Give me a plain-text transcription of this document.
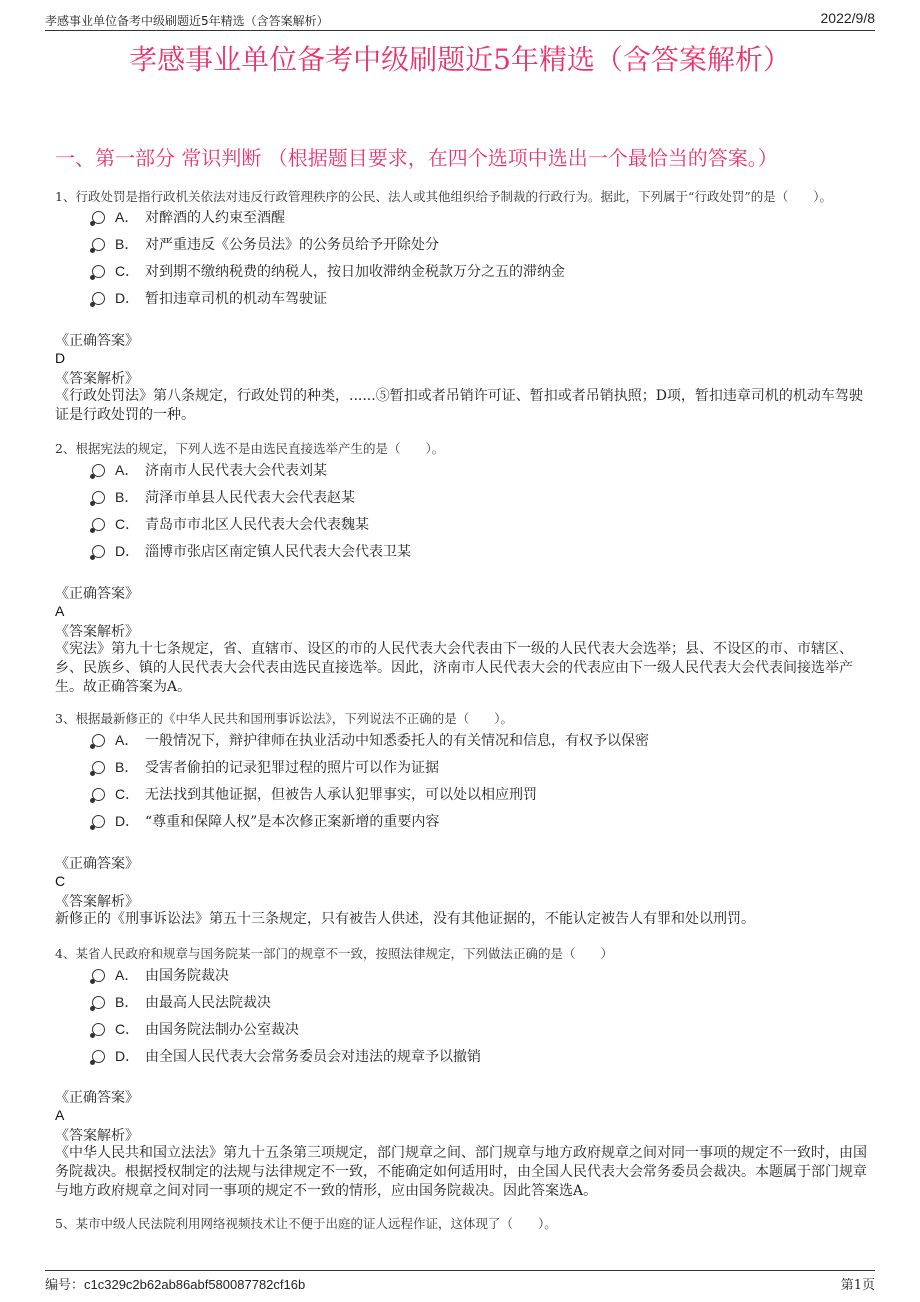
孝感事业单位备考中级刷题近5年精选（含答案解析）	2022/9/8
孝感事业单位备考中级刷题近5年精选（含答案解析）
一、第一部分 常识判断 （根据题目要求，在四个选项中选出一个最恰当的答案。）
1、行政处罚是指行政机关依法对违反行政管理秩序的公民、法人或其他组织给予制裁的行政行为。据此，下列属于“行政处罚”的是（　　）。
A． 对醉酒的人约束至酒醒
B． 对严重违反《公务员法》的公务员给予开除处分
C． 对到期不缴纳税费的纳税人，按日加收滞纳金税款万分之五的滞纳金
D． 暂扣违章司机的机动车驾驶证
《正确答案》
D
《答案解析》
《行政处罚法》第八条规定，行政处罚的种类，......⑤暂扣或者吊销许可证、暂扣或者吊销执照；D项，暂扣违章司机的机动车驾驶证是行政处罚的一种。
2、根据宪法的规定，下列人选不是由选民直接选举产生的是（　　）。
A． 济南市人民代表大会代表刘某
B． 菏泽市单县人民代表大会代表赵某
C． 青岛市市北区人民代表大会代表魏某
D． 淄博市张店区南定镇人民代表大会代表卫某
《正确答案》
A
《答案解析》
《宪法》第九十七条规定，省、直辖市、设区的市的人民代表大会代表由下一级的人民代表大会选举；县、不设区的市、市辖区、乡、民族乡、镇的人民代表大会代表由选民直接选举。因此，济南市人民代表大会的代表应由下一级人民代表大会代表间接选举产生。故正确答案为A。
3、根据最新修正的《中华人民共和国刑事诉讼法》，下列说法不正确的是（　　）。
A． 一般情况下，辩护律师在执业活动中知悉委托人的有关情况和信息，有权予以保密
B． 受害者偷拍的记录犯罪过程的照片可以作为证据
C． 无法找到其他证据，但被告人承认犯罪事实，可以处以相应刑罚
D． “尊重和保障人权”是本次修正案新增的重要内容
《正确答案》
C
《答案解析》
新修正的《刑事诉讼法》第五十三条规定，只有被告人供述，没有其他证据的，不能认定被告人有罪和处以刑罚。
4、某省人民政府和规章与国务院某一部门的规章不一致，按照法律规定，下列做法正确的是（　　）
A． 由国务院裁决
B． 由最高人民法院裁决
C． 由国务院法制办公室裁决
D． 由全国人民代表大会常务委员会对违法的规章予以撤销
《正确答案》
A
《答案解析》
《中华人民共和国立法法》第九十五条第三项规定，部门规章之间、部门规章与地方政府规章之间对同一事项的规定不一致时，由国务院裁决。根据授权制定的法规与法律规定不一致，不能确定如何适用时，由全国人民代表大会常务委员会裁决。本题属于部门规章与地方政府规章之间对同一事项的规定不一致的情形，应由国务院裁决。因此答案选A。
5、某市中级人民法院利用网络视频技术让不便于出庭的证人远程作证，这体现了（　　）。
编号：c1c329c2b62ab86abf580087782cf16b	第1页
